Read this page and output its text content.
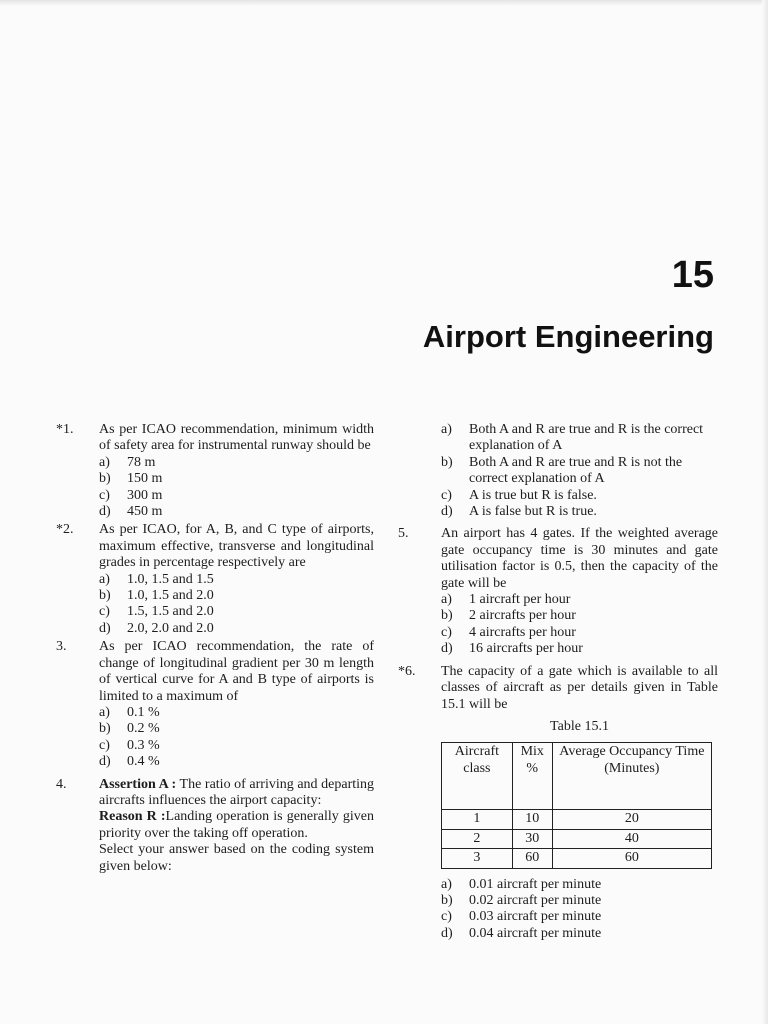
15
Airport Engineering
*1. As per ICAO recommendation, minimum width of safety area for instrumental runway should be
a) 78 m
b) 150 m
c) 300 m
d) 450 m
*2. As per ICAO, for A, B, and C type of airports, maximum effective, transverse and longitudinal grades in percentage respectively are
a) 1.0, 1.5 and 1.5
b) 1.0, 1.5 and 2.0
c) 1.5, 1.5 and 2.0
d) 2.0, 2.0 and 2.0
3. As per ICAO recommendation, the rate of change of longitudinal gradient per 30 m length of vertical curve for A and B type of airports is limited to a maximum of
a) 0.1 %
b) 0.2 %
c) 0.3 %
d) 0.4 %
4. Assertion A : The ratio of arriving and departing aircrafts influences the airport capacity:
Reason R :Landing operation is generally given priority over the taking off operation.
Select your answer based on the coding system given below:
a) Both A and R are true and R is the correct explanation of A
b) Both A and R are true and R is not the correct explanation of A
c) A is true but R is false.
d) A is false but R is true.
5. An airport has 4 gates. If the weighted average gate occupancy time is 30 minutes and gate utilisation factor is 0.5, then the capacity of the gate will be
a) 1 aircraft per hour
b) 2 aircrafts per hour
c) 4 aircrafts per hour
d) 16 aircrafts per hour
*6. The capacity of a gate which is available to all classes of aircraft as per details given in Table 15.1 will be
Table 15.1
Aircraft class	Mix %	Average Occupancy Time (Minutes)
1	10	20
2	30	40
3	60	60
a) 0.01 aircraft per minute
b) 0.02 aircraft per minute
c) 0.03 aircraft per minute
d) 0.04 aircraft per minute
